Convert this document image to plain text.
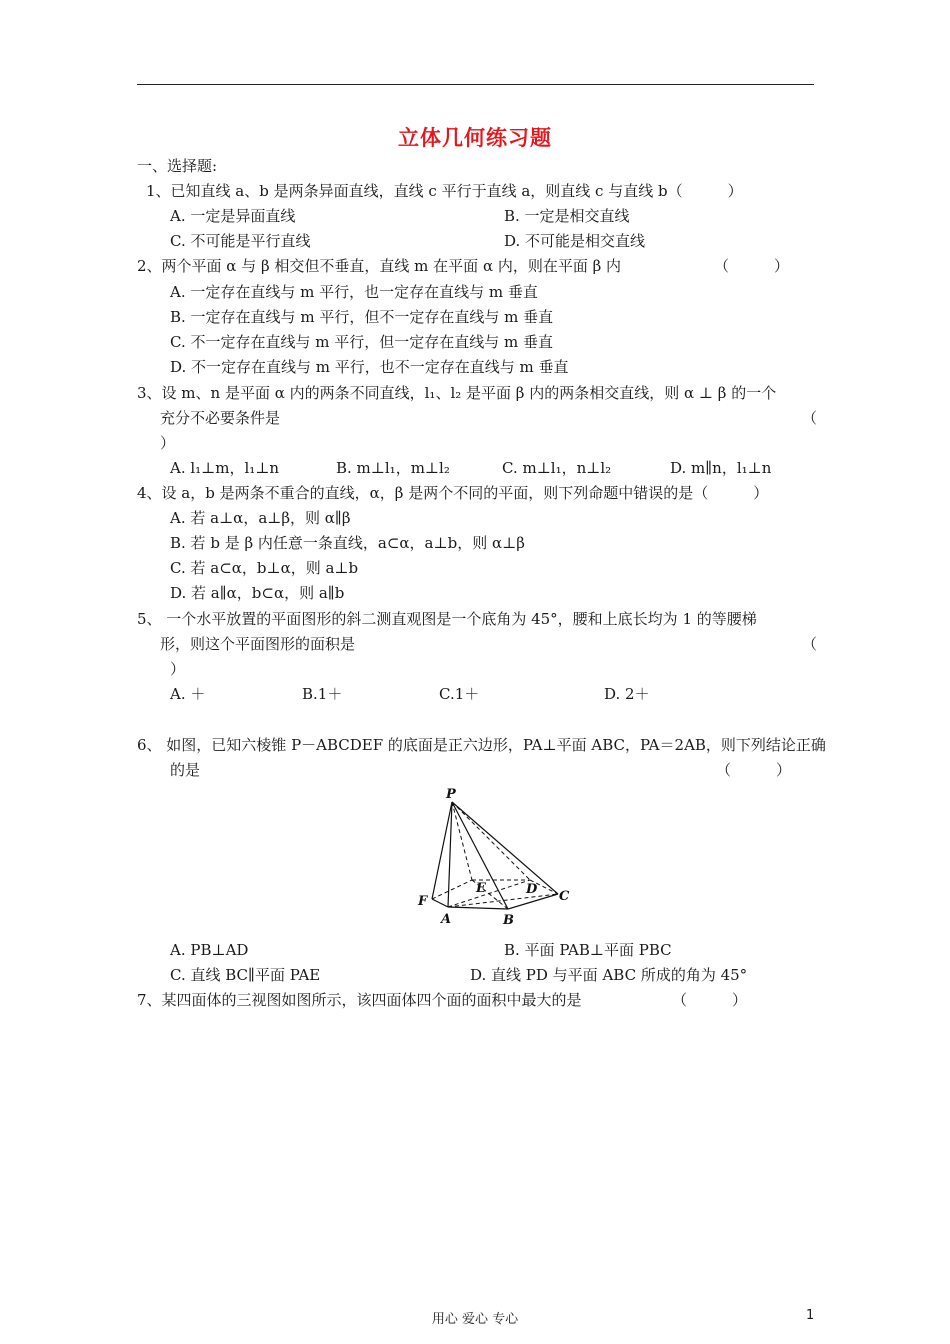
立体几何练习题
一、选择题:
1、已知直线 a、b 是两条异面直线，直线 c 平行于直线 a，则直线 c 与直线 b（　　　）
A. 一定是异面直线	B. 一定是相交直线
C. 不可能是平行直线	D. 不可能是相交直线
2、两个平面 α 与 β 相交但不垂直，直线 m 在平面 α 内，则在平面 β 内	（　　　）
A. 一定存在直线与 m 平行，也一定存在直线与 m 垂直
B. 一定存在直线与 m 平行，但不一定存在直线与 m 垂直
C. 不一定存在直线与 m 平行，但一定存在直线与 m 垂直
D. 不一定存在直线与 m 平行，也不一定存在直线与 m 垂直
3、设 m、n 是平面 α 内的两条不同直线，l₁、l₂ 是平面 β 内的两条相交直线，则 α ⊥ β 的一个
充分不必要条件是	（
）
A. l₁⊥m，l₁⊥n	B. m⊥l₁，m⊥l₂	C. m⊥l₁，n⊥l₂	D. m∥n，l₁⊥n
4、设 a，b 是两条不重合的直线，α，β 是两个不同的平面，则下列命题中错误的是（　　　）
A. 若 a⊥α，a⊥β，则 α∥β
B. 若 b 是 β 内任意一条直线，a⊂α，a⊥b，则 α⊥β
C. 若 a⊂α，b⊥α，则 a⊥b
D. 若 a∥α，b⊂α，则 a∥b
5、 一个水平放置的平面图形的斜二测直观图是一个底角为 45°，腰和上底长均为 1 的等腰梯
形，则这个平面图形的面积是	（
）
A. ＋	B.1＋	C.1＋	D. 2＋
6、 如图，已知六棱锥 P－ABCDEF 的底面是正六边形，PA⊥平面 ABC，PA＝2AB，则下列结论正确
的是	（　　　）
P
F
A	B
C
D
E
A. PB⊥AD	B. 平面 PAB⊥平面 PBC
C. 直线 BC∥平面 PAE	D. 直线 PD 与平面 ABC 所成的角为 45°
7、某四面体的三视图如图所示，该四面体四个面的面积中最大的是	（　　　）
用心 爱心 专心	1
